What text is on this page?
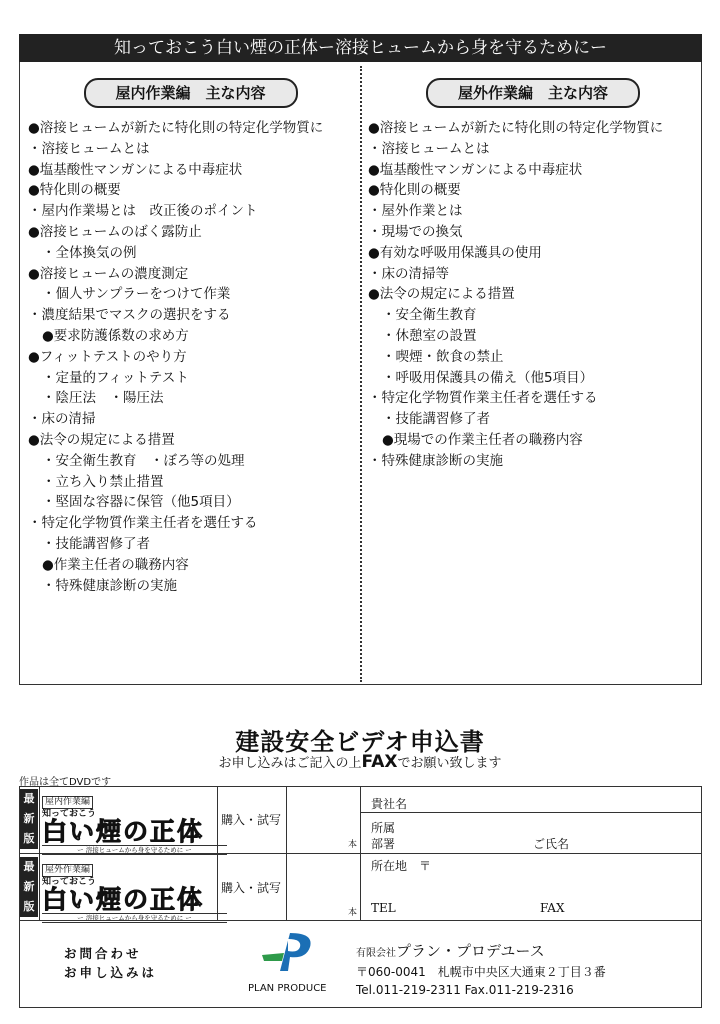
知っておこう白い煙の正体ー溶接ヒュームから身を守るためにー
屋内作業編　主な内容
●溶接ヒュームが新たに特化則の特定化学物質に
・溶接ヒュームとは
●塩基酸性マンガンによる中毒症状
●特化則の概要
・屋内作業場とは　改正後のポイント
●溶接ヒュームのばく露防止
・全体換気の例
●溶接ヒュームの濃度測定
・個人サンプラーをつけて作業
・濃度結果でマスクの選択をする
●要求防護係数の求め方
●フィットテストのやり方
・定量的フィットテスト
・陰圧法　・陽圧法
・床の清掃
●法令の規定による措置
・安全衛生教育　・ぼろ等の処理
・立ち入り禁止措置
・堅固な容器に保管（他5項目）
・特定化学物質作業主任者を選任する
・技能講習修了者
●作業主任者の職務内容
・特殊健康診断の実施
屋外作業編　主な内容
●溶接ヒュームが新たに特化則の特定化学物質に
・溶接ヒュームとは
●塩基酸性マンガンによる中毒症状
●特化則の概要
・屋外作業とは
・現場での換気
●有効な呼吸用保護具の使用
・床の清掃等
●法令の規定による措置
・安全衛生教育
・休憩室の設置
・喫煙・飲食の禁止
・呼吸用保護具の備え（他5項目）
・特定化学物質作業主任者を選任する
・技能講習修了者
●現場での作業主任者の職務内容
・特殊健康診断の実施
建設安全ビデオ申込書
お申し込みはご記入の上FAXでお願い致します
作品は全てDVDです
最
新
版
屋内作業編
知っておこう
白い煙の正体
ー 溶接ヒュームから身を守るために ー
購入・試写
本
貴社名
所属
部署	ご氏名
最
新
版
屋外作業編
知っておこう
白い煙の正体
ー 溶接ヒュームから身を守るために ー
購入・試写
本
所在地　〒
TEL	FAX
お問合わせ
お申し込みは
PLAN PRODUCE
有限会社プラン・プロデユース
〒060-0041　札幌市中央区大通東２丁目３番
Tel.011-219-2311 Fax.011-219-2316
